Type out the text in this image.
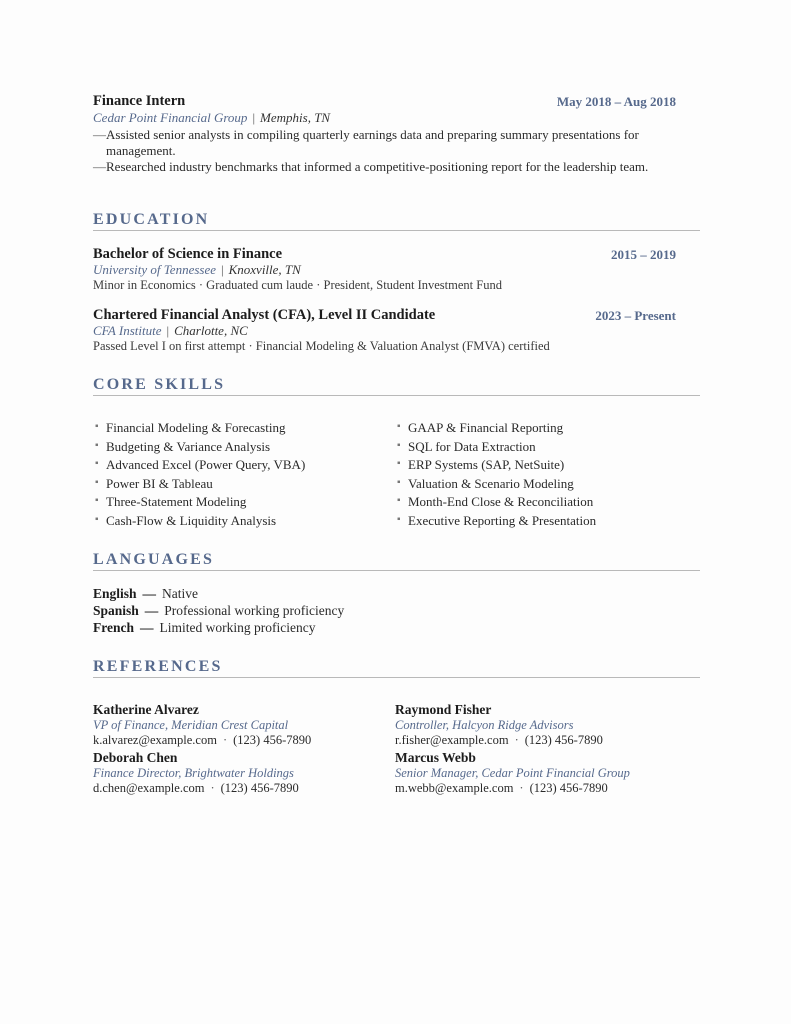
Finance Intern	May 2018 – Aug 2018
Cedar Point Financial Group | Memphis, TN
— Assisted senior analysts in compiling quarterly earnings data and preparing summary presentations for management.
— Researched industry benchmarks that informed a competitive-positioning report for the leadership team.
EDUCATION
Bachelor of Science in Finance	2015 – 2019
University of Tennessee | Knoxville, TN
Minor in Economics · Graduated cum laude · President, Student Investment Fund
Chartered Financial Analyst (CFA), Level II Candidate	2023 – Present
CFA Institute | Charlotte, NC
Passed Level I on first attempt · Financial Modeling & Valuation Analyst (FMVA) certified
CORE SKILLS
▪ Financial Modeling & Forecasting
▪ Budgeting & Variance Analysis
▪ Advanced Excel (Power Query, VBA)
▪ Power BI & Tableau
▪ Three-Statement Modeling
▪ Cash-Flow & Liquidity Analysis
▪ GAAP & Financial Reporting
▪ SQL for Data Extraction
▪ ERP Systems (SAP, NetSuite)
▪ Valuation & Scenario Modeling
▪ Month-End Close & Reconciliation
▪ Executive Reporting & Presentation
LANGUAGES
English — Native
Spanish — Professional working proficiency
French — Limited working proficiency
REFERENCES
Katherine Alvarez
VP of Finance, Meridian Crest Capital
k.alvarez@example.com · (123) 456-7890
Raymond Fisher
Controller, Halcyon Ridge Advisors
r.fisher@example.com · (123) 456-7890
Deborah Chen
Finance Director, Brightwater Holdings
d.chen@example.com · (123) 456-7890
Marcus Webb
Senior Manager, Cedar Point Financial Group
m.webb@example.com · (123) 456-7890
